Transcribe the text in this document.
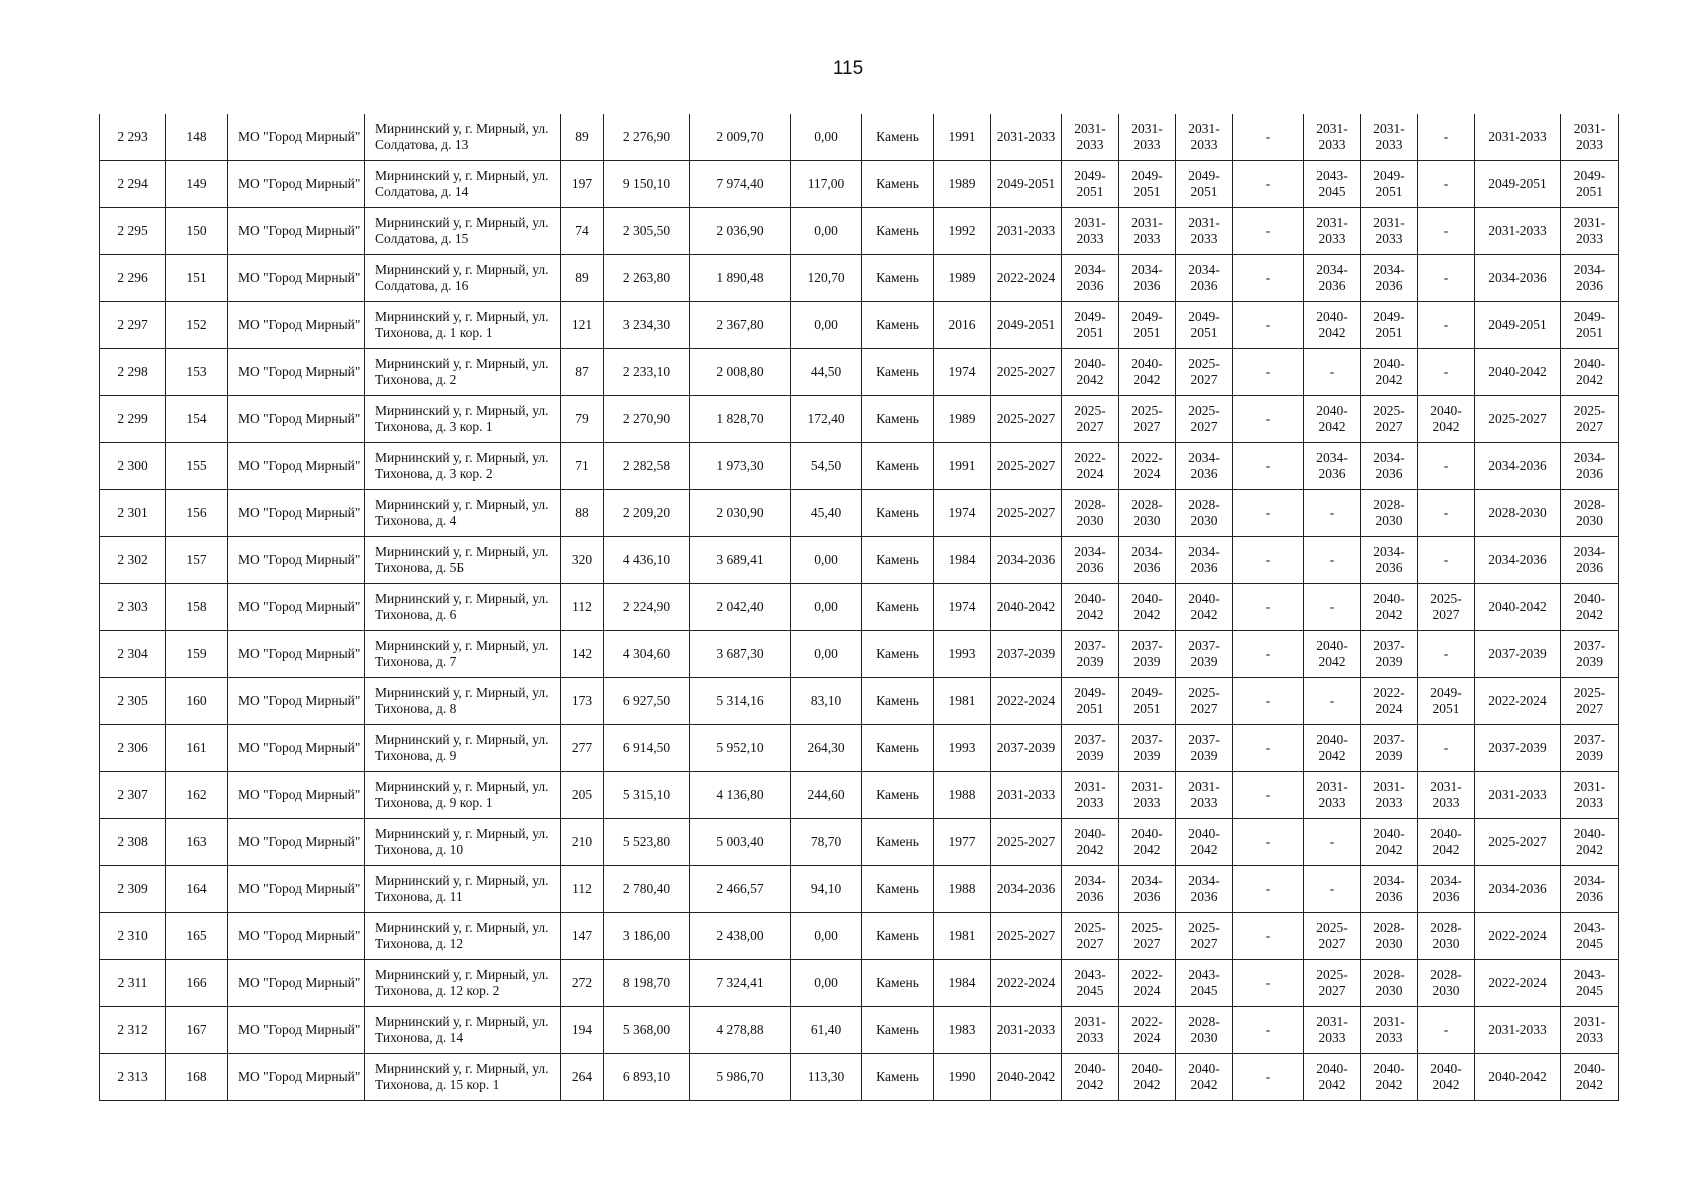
115
2 293	148	МО "Город Мирный"	Мирнинский у, г. Мирный, ул. Солдатова, д. 13	89	2 276,90	2 009,70	0,00	Камень	1991	2031-2033	2031-2033	2031-2033	2031-2033	-	2031-2033	2031-2033	-	2031-2033	2031-2033
2 294	149	МО "Город Мирный"	Мирнинский у, г. Мирный, ул. Солдатова, д. 14	197	9 150,10	7 974,40	117,00	Камень	1989	2049-2051	2049-2051	2049-2051	2049-2051	-	2043-2045	2049-2051	-	2049-2051	2049-2051
2 295	150	МО "Город Мирный"	Мирнинский у, г. Мирный, ул. Солдатова, д. 15	74	2 305,50	2 036,90	0,00	Камень	1992	2031-2033	2031-2033	2031-2033	2031-2033	-	2031-2033	2031-2033	-	2031-2033	2031-2033
2 296	151	МО "Город Мирный"	Мирнинский у, г. Мирный, ул. Солдатова, д. 16	89	2 263,80	1 890,48	120,70	Камень	1989	2022-2024	2034-2036	2034-2036	2034-2036	-	2034-2036	2034-2036	-	2034-2036	2034-2036
2 297	152	МО "Город Мирный"	Мирнинский у, г. Мирный, ул. Тихонова, д. 1 кор. 1	121	3 234,30	2 367,80	0,00	Камень	2016	2049-2051	2049-2051	2049-2051	2049-2051	-	2040-2042	2049-2051	-	2049-2051	2049-2051
2 298	153	МО "Город Мирный"	Мирнинский у, г. Мирный, ул. Тихонова, д. 2	87	2 233,10	2 008,80	44,50	Камень	1974	2025-2027	2040-2042	2040-2042	2025-2027	-	-	2040-2042	-	2040-2042	2040-2042
2 299	154	МО "Город Мирный"	Мирнинский у, г. Мирный, ул. Тихонова, д. 3 кор. 1	79	2 270,90	1 828,70	172,40	Камень	1989	2025-2027	2025-2027	2025-2027	2025-2027	-	2040-2042	2025-2027	2040-2042	2025-2027	2025-2027
2 300	155	МО "Город Мирный"	Мирнинский у, г. Мирный, ул. Тихонова, д. 3 кор. 2	71	2 282,58	1 973,30	54,50	Камень	1991	2025-2027	2022-2024	2022-2024	2034-2036	-	2034-2036	2034-2036	-	2034-2036	2034-2036
2 301	156	МО "Город Мирный"	Мирнинский у, г. Мирный, ул. Тихонова, д. 4	88	2 209,20	2 030,90	45,40	Камень	1974	2025-2027	2028-2030	2028-2030	2028-2030	-	-	2028-2030	-	2028-2030	2028-2030
2 302	157	МО "Город Мирный"	Мирнинский у, г. Мирный, ул. Тихонова, д. 5Б	320	4 436,10	3 689,41	0,00	Камень	1984	2034-2036	2034-2036	2034-2036	2034-2036	-	-	2034-2036	-	2034-2036	2034-2036
2 303	158	МО "Город Мирный"	Мирнинский у, г. Мирный, ул. Тихонова, д. 6	112	2 224,90	2 042,40	0,00	Камень	1974	2040-2042	2040-2042	2040-2042	2040-2042	-	-	2040-2042	2025-2027	2040-2042	2040-2042
2 304	159	МО "Город Мирный"	Мирнинский у, г. Мирный, ул. Тихонова, д. 7	142	4 304,60	3 687,30	0,00	Камень	1993	2037-2039	2037-2039	2037-2039	2037-2039	-	2040-2042	2037-2039	-	2037-2039	2037-2039
2 305	160	МО "Город Мирный"	Мирнинский у, г. Мирный, ул. Тихонова, д. 8	173	6 927,50	5 314,16	83,10	Камень	1981	2022-2024	2049-2051	2049-2051	2025-2027	-	-	2022-2024	2049-2051	2022-2024	2025-2027
2 306	161	МО "Город Мирный"	Мирнинский у, г. Мирный, ул. Тихонова, д. 9	277	6 914,50	5 952,10	264,30	Камень	1993	2037-2039	2037-2039	2037-2039	2037-2039	-	2040-2042	2037-2039	-	2037-2039	2037-2039
2 307	162	МО "Город Мирный"	Мирнинский у, г. Мирный, ул. Тихонова, д. 9 кор. 1	205	5 315,10	4 136,80	244,60	Камень	1988	2031-2033	2031-2033	2031-2033	2031-2033	-	2031-2033	2031-2033	2031-2033	2031-2033	2031-2033
2 308	163	МО "Город Мирный"	Мирнинский у, г. Мирный, ул. Тихонова, д. 10	210	5 523,80	5 003,40	78,70	Камень	1977	2025-2027	2040-2042	2040-2042	2040-2042	-	-	2040-2042	2040-2042	2025-2027	2040-2042
2 309	164	МО "Город Мирный"	Мирнинский у, г. Мирный, ул. Тихонова, д. 11	112	2 780,40	2 466,57	94,10	Камень	1988	2034-2036	2034-2036	2034-2036	2034-2036	-	-	2034-2036	2034-2036	2034-2036	2034-2036
2 310	165	МО "Город Мирный"	Мирнинский у, г. Мирный, ул. Тихонова, д. 12	147	3 186,00	2 438,00	0,00	Камень	1981	2025-2027	2025-2027	2025-2027	2025-2027	-	2025-2027	2028-2030	2028-2030	2022-2024	2043-2045
2 311	166	МО "Город Мирный"	Мирнинский у, г. Мирный, ул. Тихонова, д. 12 кор. 2	272	8 198,70	7 324,41	0,00	Камень	1984	2022-2024	2043-2045	2022-2024	2043-2045	-	2025-2027	2028-2030	2028-2030	2022-2024	2043-2045
2 312	167	МО "Город Мирный"	Мирнинский у, г. Мирный, ул. Тихонова, д. 14	194	5 368,00	4 278,88	61,40	Камень	1983	2031-2033	2031-2033	2022-2024	2028-2030	-	2031-2033	2031-2033	-	2031-2033	2031-2033
2 313	168	МО "Город Мирный"	Мирнинский у, г. Мирный, ул. Тихонова, д. 15 кор. 1	264	6 893,10	5 986,70	113,30	Камень	1990	2040-2042	2040-2042	2040-2042	2040-2042	-	2040-2042	2040-2042	2040-2042	2040-2042	2040-2042
